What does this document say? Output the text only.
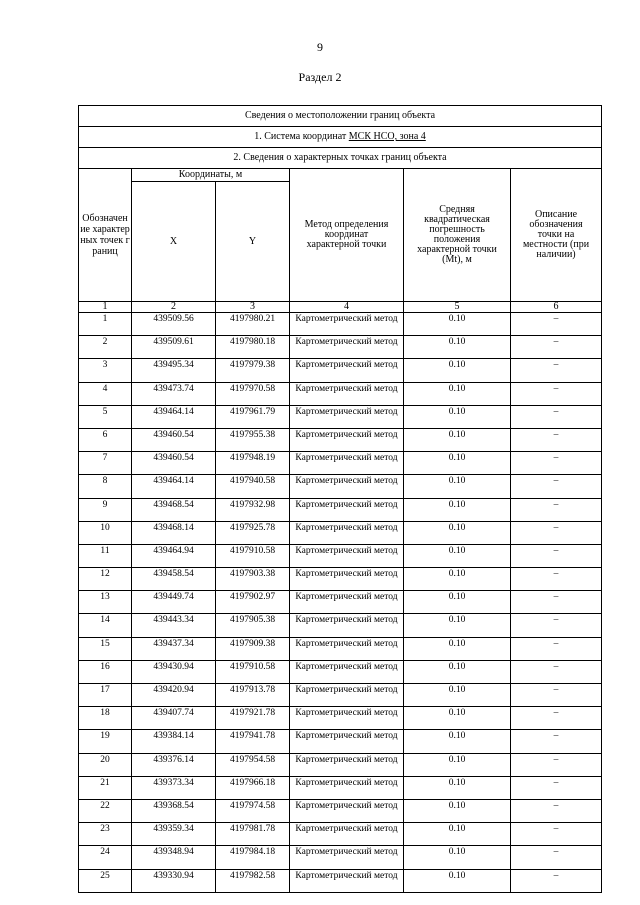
9
Раздел 2
Сведения о местоположении границ объекта					
1. Система координат МСК НСО, зона 4					
2. Сведения о характерных точках границ объекта					

Обозначение характерных точек границ	Координаты, м		Метод определения координат характерной точки	Средняя квадратическая погрешность положения характерной точки (Mt), м	Описание обозначения точки на местности (при наличии)

	X	Y			
1	2	3	4	5	6
1	439509.56	4197980.21	Картометрический метод	0.10	–
2	439509.61	4197980.18	Картометрический метод	0.10	–
3	439495.34	4197979.38	Картометрический метод	0.10	–
4	439473.74	4197970.58	Картометрический метод	0.10	–
5	439464.14	4197961.79	Картометрический метод	0.10	–
6	439460.54	4197955.38	Картометрический метод	0.10	–
7	439460.54	4197948.19	Картометрический метод	0.10	–
8	439464.14	4197940.58	Картометрический метод	0.10	–
9	439468.54	4197932.98	Картометрический метод	0.10	–
10	439468.14	4197925.78	Картометрический метод	0.10	–
11	439464.94	4197910.58	Картометрический метод	0.10	–
12	439458.54	4197903.38	Картометрический метод	0.10	–
13	439449.74	4197902.97	Картометрический метод	0.10	–
14	439443.34	4197905.38	Картометрический метод	0.10	–
15	439437.34	4197909.38	Картометрический метод	0.10	–
16	439430.94	4197910.58	Картометрический метод	0.10	–
17	439420.94	4197913.78	Картометрический метод	0.10	–
18	439407.74	4197921.78	Картометрический метод	0.10	–
19	439384.14	4197941.78	Картометрический метод	0.10	–
20	439376.14	4197954.58	Картометрический метод	0.10	–
21	439373.34	4197966.18	Картометрический метод	0.10	–
22	439368.54	4197974.58	Картометрический метод	0.10	–
23	439359.34	4197981.78	Картометрический метод	0.10	–
24	439348.94	4197984.18	Картометрический метод	0.10	–
25	439330.94	4197982.58	Картометрический метод	0.10	–
